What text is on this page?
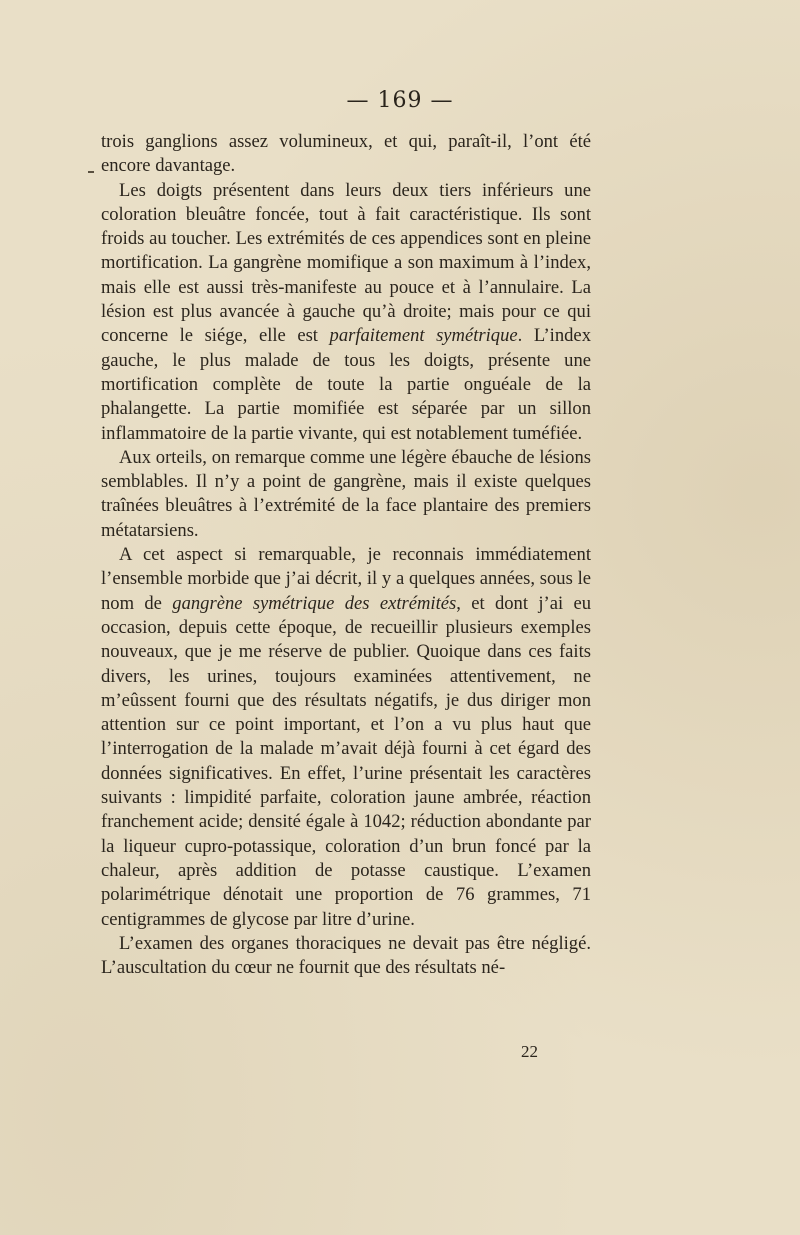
— 169 —

trois ganglions assez volumineux, et qui, paraît-il, l’ont été encore davantage.

Les doigts présentent dans leurs deux tiers inférieurs une coloration bleuâtre foncée, tout à fait caractéristique. Ils sont froids au toucher. Les extrémités de ces appendices sont en pleine mortification. La gangrène momifique a son maximum à l’index, mais elle est aussi très-manifeste au pouce et à l’annulaire. La lésion est plus avancée à gauche qu’à droite; mais pour ce qui concerne le siége, elle est parfaitement symétrique. L’index gauche, le plus malade de tous les doigts, présente une mortification complète de toute la partie onguéale de la phalangette. La partie momifiée est séparée par un sillon inflammatoire de la partie vivante, qui est notablement tuméfiée.

Aux orteils, on remarque comme une légère ébauche de lésions semblables. Il n’y a point de gangrène, mais il existe quelques traînées bleuâtres à l’extrémité de la face plantaire des premiers métatarsiens.

A cet aspect si remarquable, je reconnais immédiatement l’ensemble morbide que j’ai décrit, il y a quelques années, sous le nom de gangrène symétrique des extrémités, et dont j’ai eu occasion, depuis cette époque, de recueillir plusieurs exemples nouveaux, que je me réserve de publier. Quoique dans ces faits divers, les urines, toujours examinées attentivement, ne m’eûssent fourni que des résultats négatifs, je dus diriger mon attention sur ce point important, et l’on a vu plus haut que l’interrogation de la malade m’avait déjà fourni à cet égard des données significatives. En effet, l’urine présentait les caractères suivants : limpidité parfaite, coloration jaune ambrée, réaction franchement acide; densité égale à 1042; réduction abondante par la liqueur cupro-potassique, coloration d’un brun foncé par la chaleur, après addition de potasse caustique. L’examen polarimétrique dénotait une proportion de 76 grammes, 71 centigrammes de glycose par litre d’urine.

L’examen des organes thoraciques ne devait pas être négligé. L’auscultation du cœur ne fournit que des résultats né-

22
